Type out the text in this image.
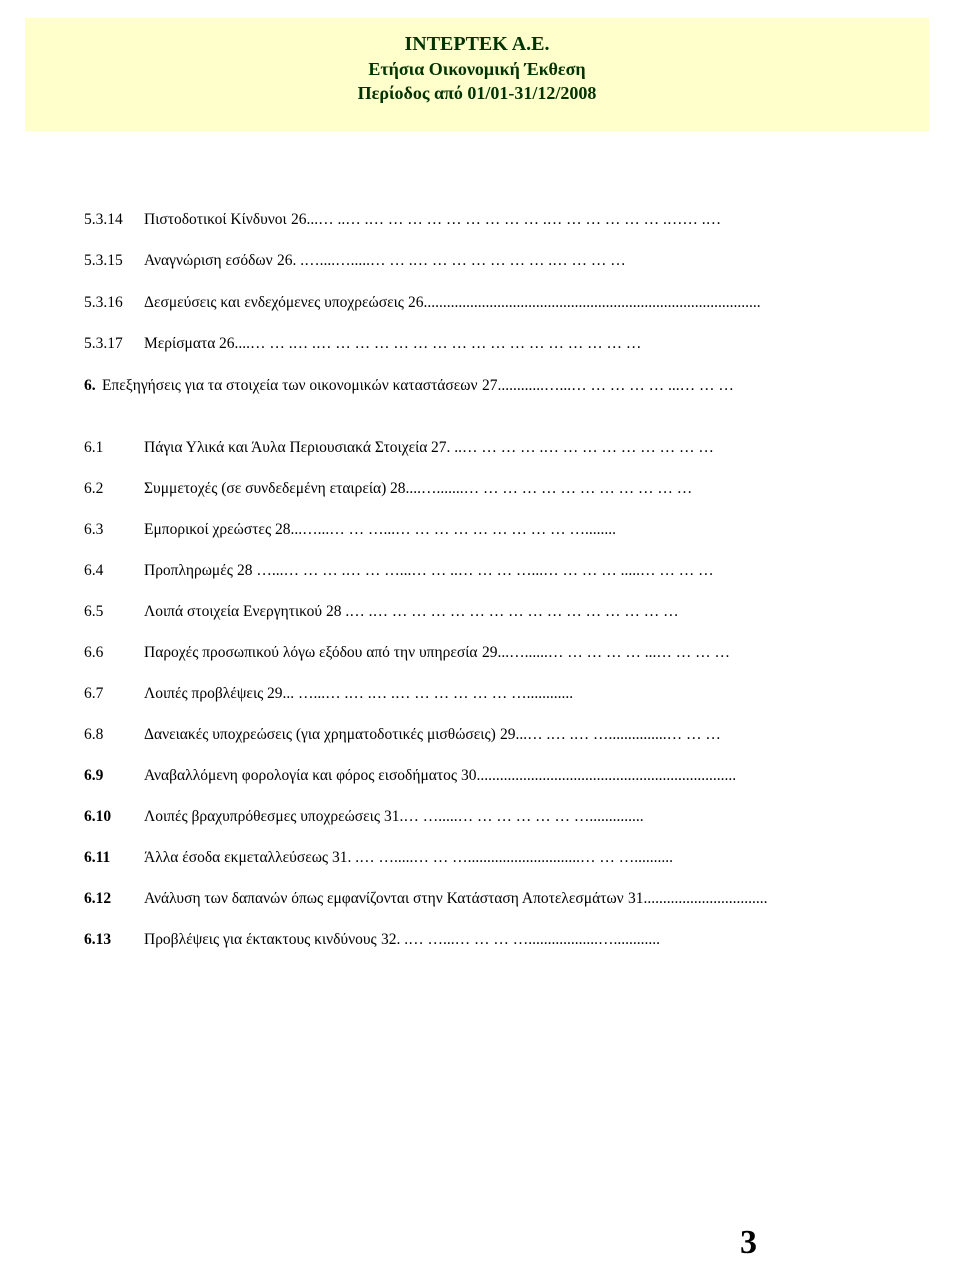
ΙΝΤΕΡΤΕΚ Α.Ε.
Ετήσια Οικονομική Έκθεση
Περίοδος από 01/01-31/12/2008
5.3.14 Πιστοδοτικοί Κίνδυνοι	…. ……. … … … … … …. … … … … … … … … …. ….. …...26
5.3.15 Αναγνώριση εσόδων	… … … …. … … … … … … …. … ….....…....…. .26
5.3.16 Δεσμεύσεις και ενδεχόμενες υποχρεώσεις	.......................................................................................26
5.3.17 Μερίσματα	… … … … … … … … … … … … … … … … …. …. … …....26
6. Επεξηγήσεις για τα στοιχεία των οικονομικών καταστάσεων	… … …... … … … … …...…............27
6.1	Πάγια Υλικά και Άυλα Περιουσιακά Στοιχεία	… … … … … … … … …. … … … ….. .27
6.2	Συμμετοχές (σε συνδεδεμένη εταιρεία)	… … … … … … … … … … … ….......…....28
6.3	Εμπορικοί χρεώστες	........… … … … … … … … … …...… … …...…...28
6.4	Προπληρωμές	… … … …..... … … … …...… … … ….. … …...… … …. … … …...… 28
6.5	Λοιπά στοιχεία Ενεργητικού	… … … … … … … … … … … … … … … …. …. 28
6.6	Παροχές προσωπικού λόγω εξόδου από την υπηρεσία	… … … …... … … … … …......…...29
6.7	Λοιπές προβλέψεις	............… … … … … … …. …. …. …...… ...29
6.8	Δανειακές υποχρεώσεις (για χρηματοδοτικές μισθώσεις)	… … …...............… …. …. …...29
6.9	Αναβαλλόμενη φορολογία και φόρος εισοδήματος	...................................................................30
6.10 Λοιπές βραχυπρόθεσμες υποχρεώσεις	..............… … … … … … ….....… ….31
6.11 Άλλα έσοδα εκμεταλλεύσεως	..........… … ….............................… … ….....… …. .31
6.12 Ανάλυση των δαπανών όπως εμφανίζονται στην Κατάσταση Αποτελεσμάτων	................................31
6.13 Προβλέψεις για έκτακτους κινδύνους	............…..................… … … …...… …. .32
3
